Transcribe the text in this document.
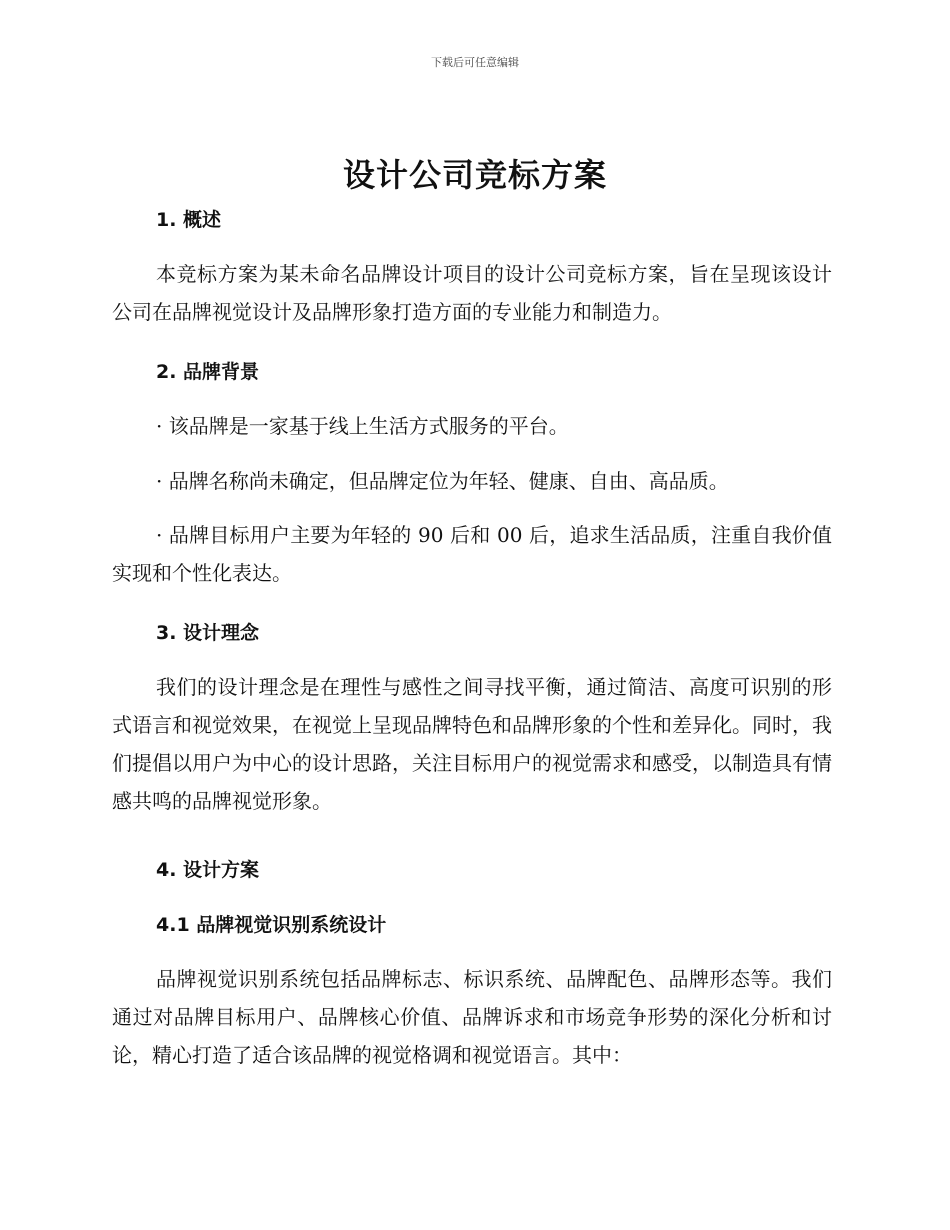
下载后可任意编辑
设计公司竞标方案
1. 概述
本竞标方案为某未命名品牌设计项目的设计公司竞标方案，旨在呈现该设计公司在品牌视觉设计及品牌形象打造方面的专业能力和制造力。
2. 品牌背景
· 该品牌是一家基于线上生活方式服务的平台。
· 品牌名称尚未确定，但品牌定位为年轻、健康、自由、高品质。
· 品牌目标用户主要为年轻的 90 后和 00 后，追求生活品质，注重自我价值实现和个性化表达。
3. 设计理念
我们的设计理念是在理性与感性之间寻找平衡，通过简洁、高度可识别的形式语言和视觉效果，在视觉上呈现品牌特色和品牌形象的个性和差异化。同时，我们提倡以用户为中心的设计思路，关注目标用户的视觉需求和感受，以制造具有情感共鸣的品牌视觉形象。
4. 设计方案
4.1 品牌视觉识别系统设计
品牌视觉识别系统包括品牌标志、标识系统、品牌配色、品牌形态等。我们通过对品牌目标用户、品牌核心价值、品牌诉求和市场竞争形势的深化分析和讨论，精心打造了适合该品牌的视觉格调和视觉语言。其中：
